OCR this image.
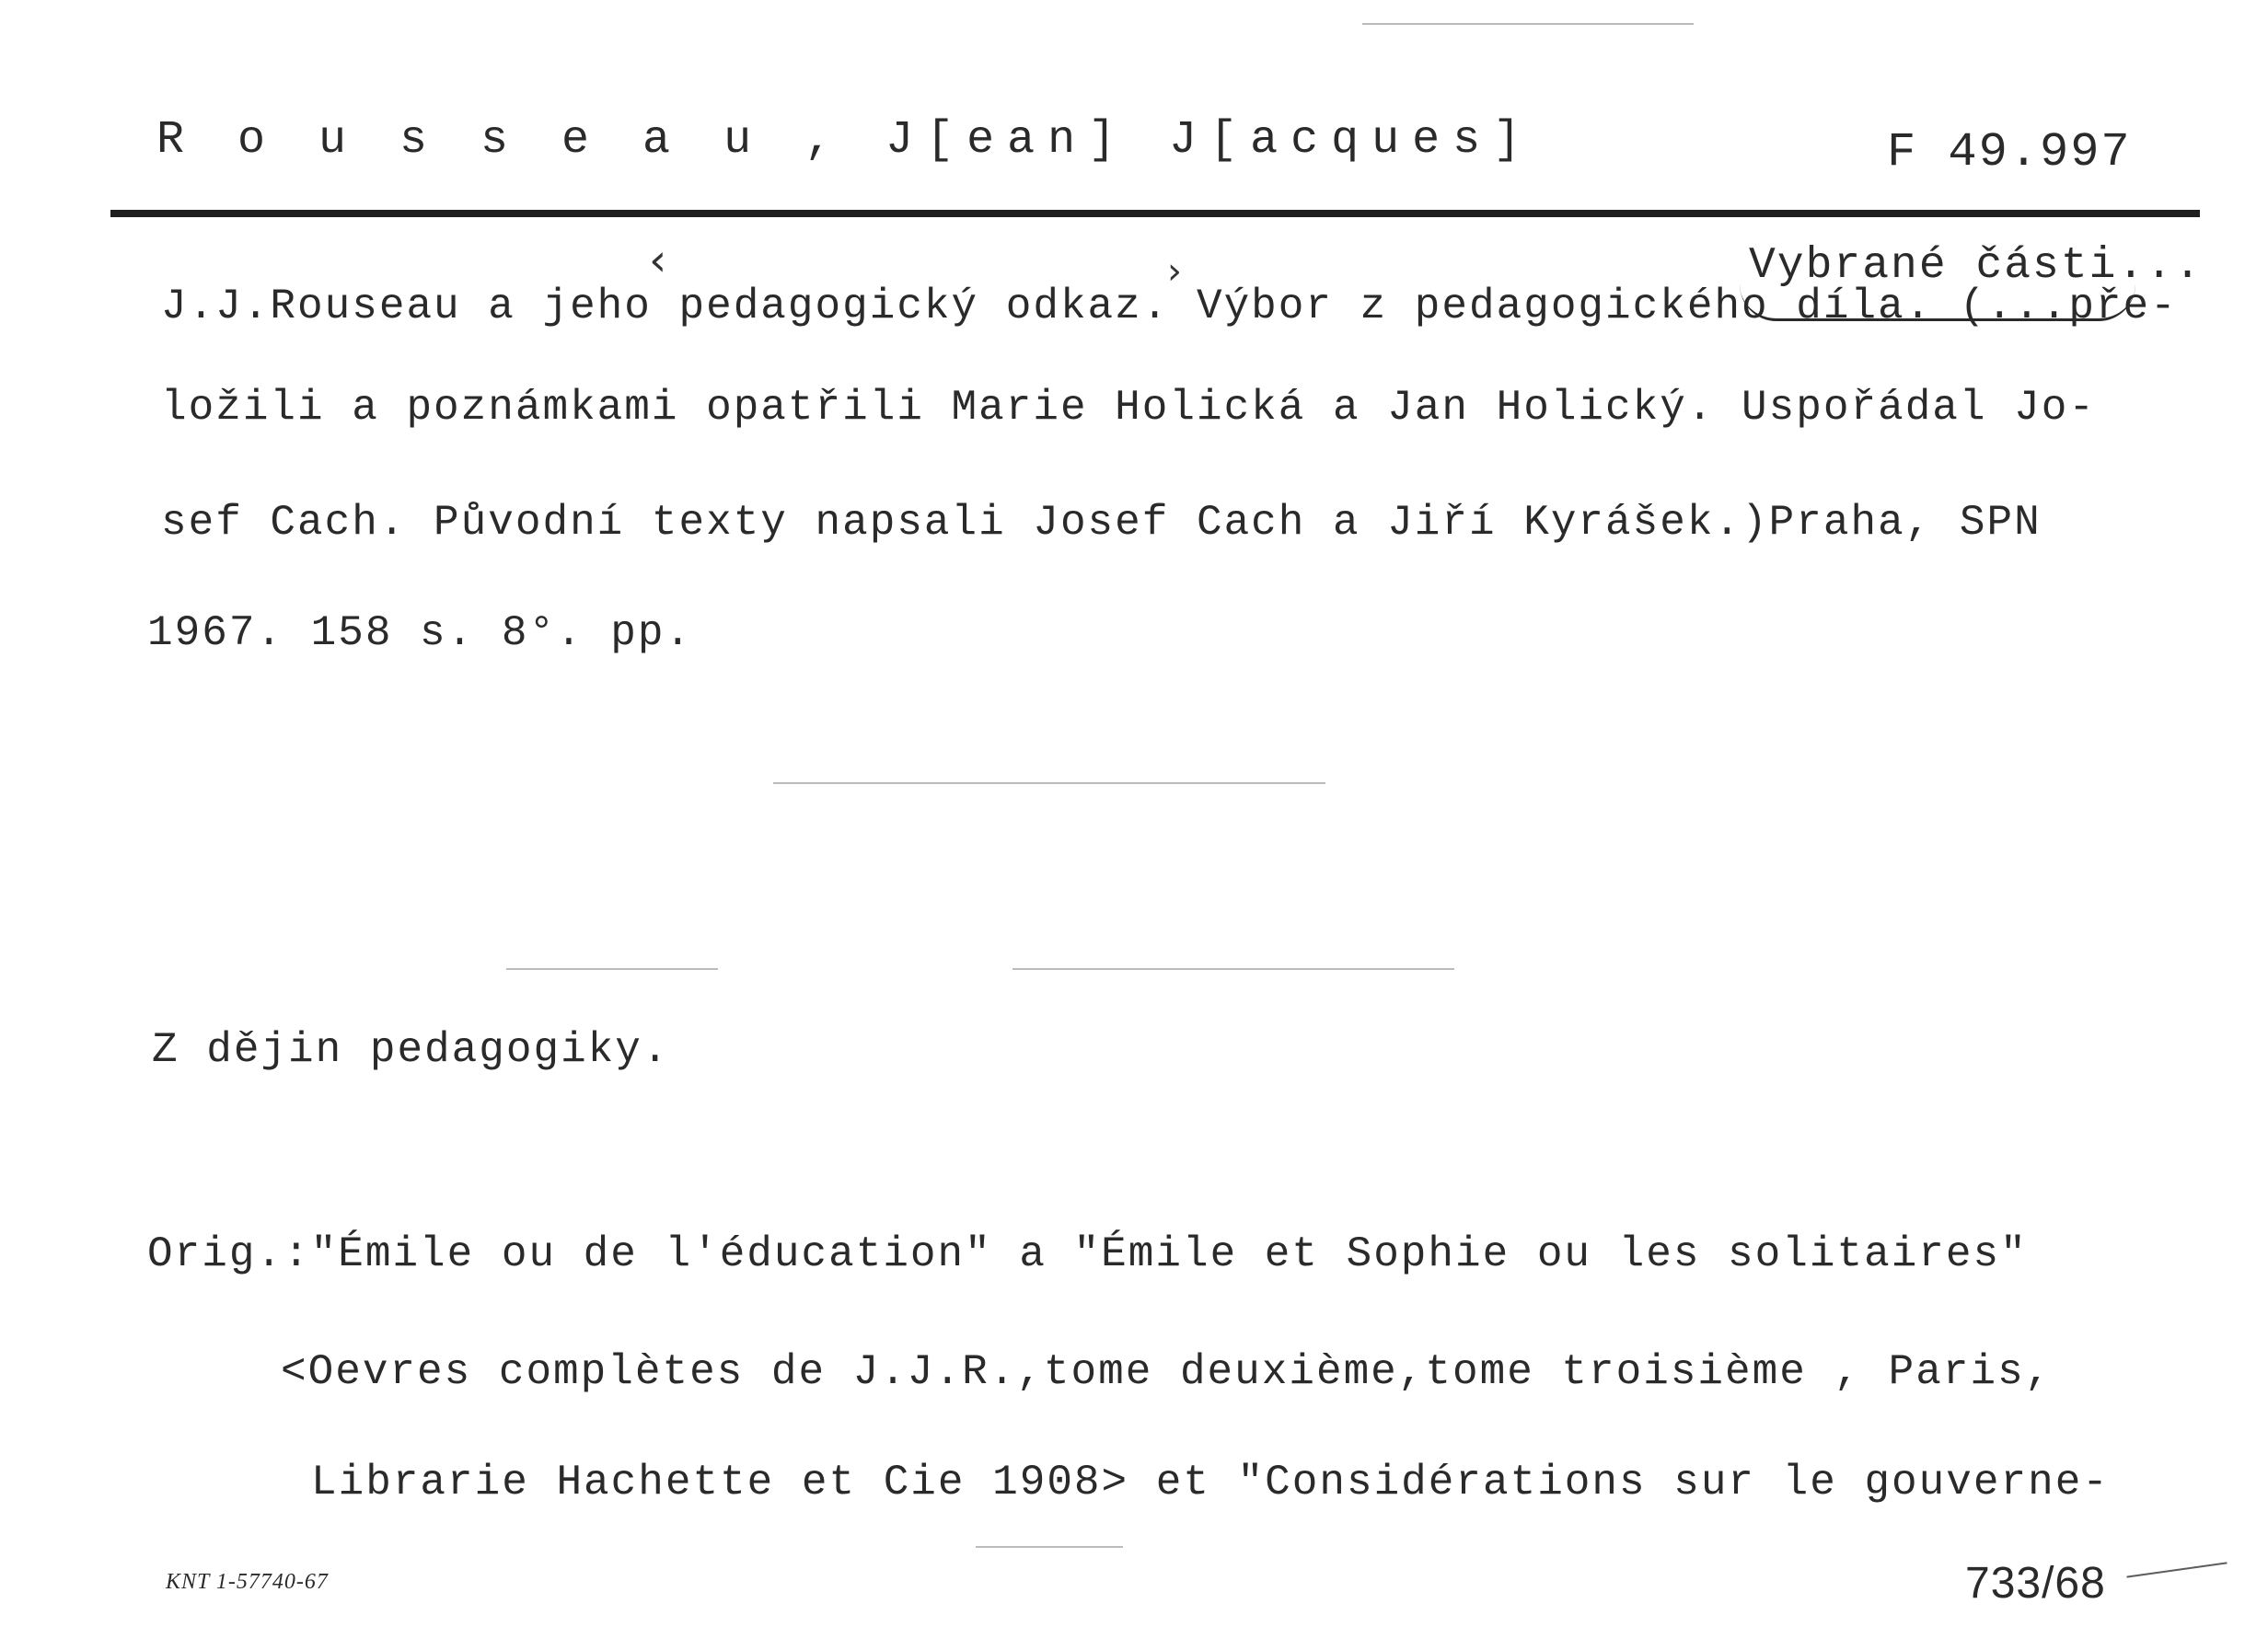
R o u s s e a u , J[ean] J[acques]	F 49.997
Vybrané části...
J.J.Rouseau a jeho pedagogický odkaz. Výbor z pedagogického díla. (...pře-
ložili a poznámkami opatřili Marie Holická a Jan Holický. Uspořádal Jo-
sef Cach. Původní texty napsali Josef Cach a Jiří Kyrášek.)Praha, SPN
1967. 158 s. 8°. pp.
Z dějin pedagogiky.
Orig.:"Émile ou de l'éducation" a "Émile et Sophie ou les solitaires"
<Oevres complètes de J.J.R.,tome deuxième,tome troisième , Paris,
Librarie Hachette et Cie 1908> et "Considérations sur le gouverne-
KNT 1-57740-67	733/68
‹	›
